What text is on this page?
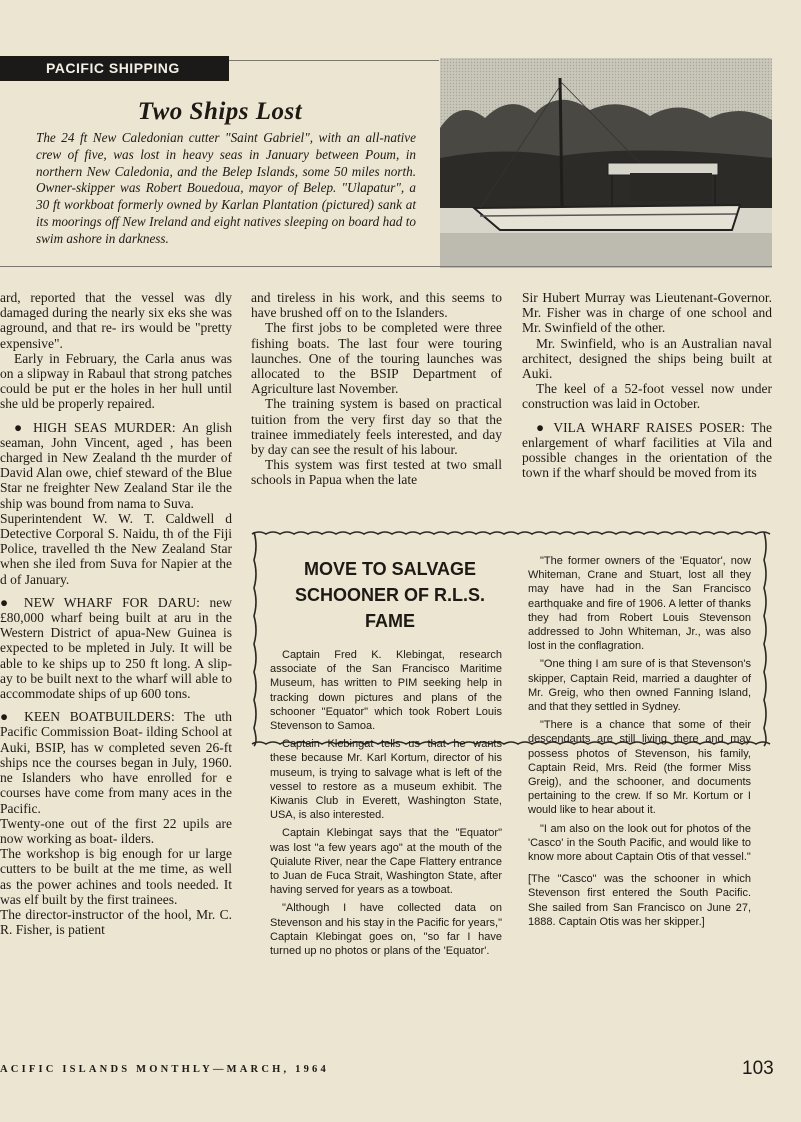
PACIFIC SHIPPING
Two Ships Lost
The 24 ft New Caledonian cutter "Saint Gabriel", with an all-native crew of five, was lost in heavy seas in January between Poum, in northern New Caledonia, and the Belep Islands, some 50 miles north. Owner-skipper was Robert Bouedoua, mayor of Belep. "Ulapatur", a 30 ft workboat formerly owned by Karlan Plantation (pictured) sank at its moorings off New Ireland and eight natives sleeping on board had to swim ashore in darkness.

ard, reported that the vessel was dly damaged during the nearly six eks she was aground, and that re- irs would be "pretty expensive".

Early in February, the Carla anus was on a slipway in Rabaul that strong patches could be put er the holes in her hull until she uld be properly repaired.

● HIGH SEAS MURDER: An glish seaman, John Vincent, aged , has been charged in New Zealand th the murder of David Alan owe, chief steward of the Blue Star ne freighter New Zealand Star ile the ship was bound from nama to Suva.

Superintendent W. W. T. Caldwell d Detective Corporal S. Naidu, th of the Fiji Police, travelled th the New Zealand Star when she iled from Suva for Napier at the d of January.

● NEW WHARF FOR DARU: new £80,000 wharf being built at aru in the Western District of apua-New Guinea is expected to be mpleted in July. It will be able to ke ships up to 250 ft long. A slip- ay to be built next to the wharf will able to accommodate ships of up 600 tons.

● KEEN BOATBUILDERS: The uth Pacific Commission Boat- ilding School at Auki, BSIP, has w completed seven 26-ft ships nce the courses began in July, 1960. ne Islanders who have enrolled for e courses have come from many aces in the Pacific.

Twenty-one out of the first 22 upils are now working as boat- ilders.

The workshop is big enough for ur large cutters to be built at the me time, as well as the power achines and tools needed. It was elf built by the first trainees.

The director-instructor of the hool, Mr. C. R. Fisher, is patient

and tireless in his work, and this seems to have brushed off on to the Islanders.

The first jobs to be completed were three fishing boats. The last four were touring launches. One of the touring launches was allocated to the BSIP Department of Agriculture last November.

The training system is based on practical tuition from the very first day so that the trainee immediately feels interested, and day by day can see the result of his labour.

This system was first tested at two small schools in Papua when the late

Sir Hubert Murray was Lieutenant-Governor. Mr. Fisher was in charge of one school and Mr. Swinfield of the other.

Mr. Swinfield, who is an Australian naval architect, designed the ships being built at Auki.

The keel of a 52-foot vessel now under construction was laid in October.

● VILA WHARF RAISES POSER: The enlargement of wharf facilities at Vila and possible changes in the orientation of the town if the wharf should be moved from its

MOVE TO SALVAGE SCHOONER OF R.L.S. FAME

Captain Fred K. Klebingat, research associate of the San Francisco Maritime Museum, has written to PIM seeking help in tracking down pictures and plans of the schooner "Equator" which took Robert Louis Stevenson to Samoa.

Captain Klebingat tells us that he wants these because Mr. Karl Kortum, director of his museum, is trying to salvage what is left of the vessel to restore as a museum exhibit. The Kiwanis Club in Everett, Washington State, USA, is also interested.

Captain Klebingat says that the "Equator" was lost "a few years ago" at the mouth of the Quialute River, near the Cape Flattery entrance to Juan de Fuca Strait, Washington State, after having served for years as a towboat.

"Although I have collected data on Stevenson and his stay in the Pacific for years," Captain Klebingat goes on, "so far I have turned up no photos or plans of the 'Equator'.

"The former owners of the 'Equator', now Whiteman, Crane and Stuart, lost all they may have had in the San Francisco earthquake and fire of 1906. A letter of thanks they had from Robert Louis Stevenson addressed to John Whiteman, Jr., was also lost in the conflagration.

"One thing I am sure of is that Stevenson's skipper, Captain Reid, married a daughter of Mr. Greig, who then owned Fanning Island, and that they settled in Sydney.

"There is a chance that some of their descendants are still living there and may possess photos of Stevenson, his family, Captain Reid, Mrs. Reid (the former Miss Greig), and the schooner, and documents pertaining to the crew. If so Mr. Kortum or I would like to hear about it.

"I am also on the look out for photos of the 'Casco' in the South Pacific, and would like to know more about Captain Otis of that vessel."

[The "Casco" was the schooner in which Stevenson first entered the South Pacific. She sailed from San Francisco on June 27, 1888. Captain Otis was her skipper.]

ACIFIC ISLANDS MONTHLY—MARCH, 1964	103
